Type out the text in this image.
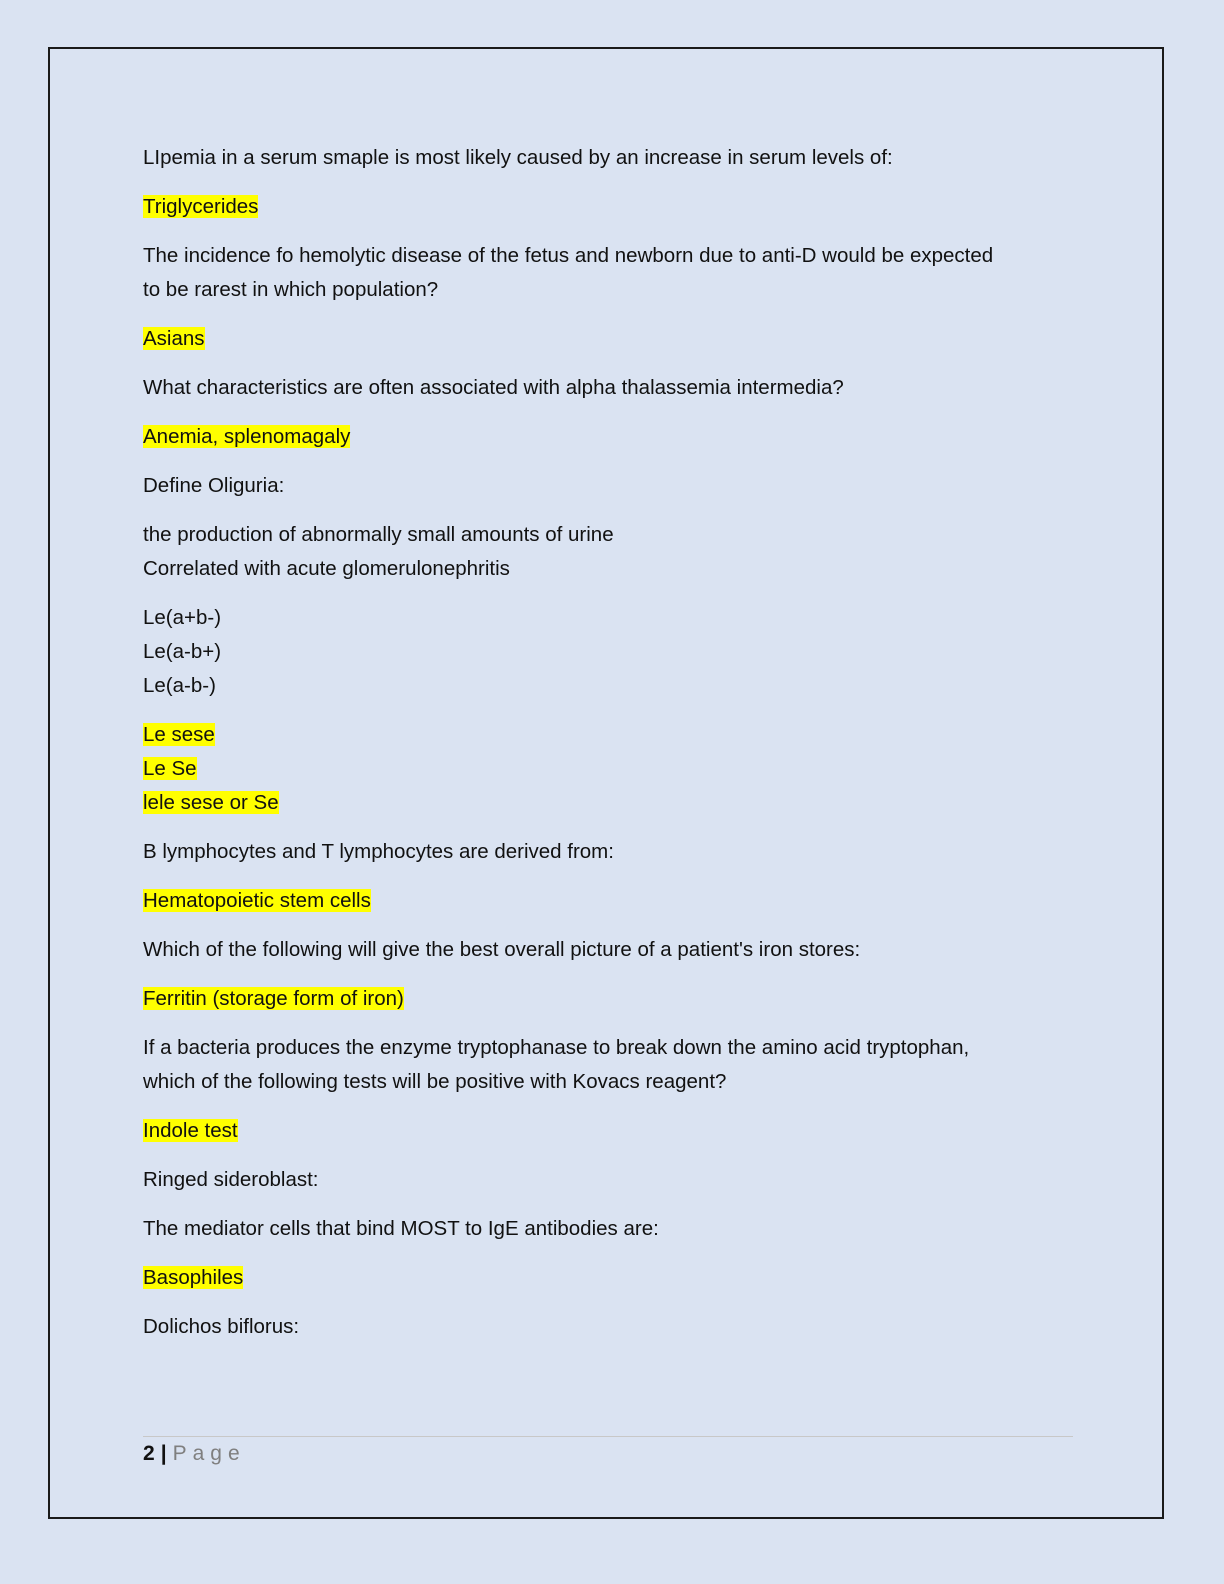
LIpemia in a serum smaple is most likely caused by an increase in serum levels of:
Triglycerides
The incidence fo hemolytic disease of the fetus and newborn due to anti-D would be expected
to be rarest in which population?
Asians
What characteristics are often associated with alpha thalassemia intermedia?
Anemia, splenomagaly
Define Oliguria:
the production of abnormally small amounts of urine
Correlated with acute glomerulonephritis
Le(a+b-)
Le(a-b+)
Le(a-b-)
Le sese
Le Se
lele sese or Se
B lymphocytes and T lymphocytes are derived from:
Hematopoietic stem cells
Which of the following will give the best overall picture of a patient's iron stores:
Ferritin (storage form of iron)
If a bacteria produces the enzyme tryptophanase to break down the amino acid tryptophan,
which of the following tests will be positive with Kovacs reagent?
Indole test
Ringed sideroblast:
The mediator cells that bind MOST to IgE antibodies are:
Basophiles
Dolichos biflorus:
2 | Page
